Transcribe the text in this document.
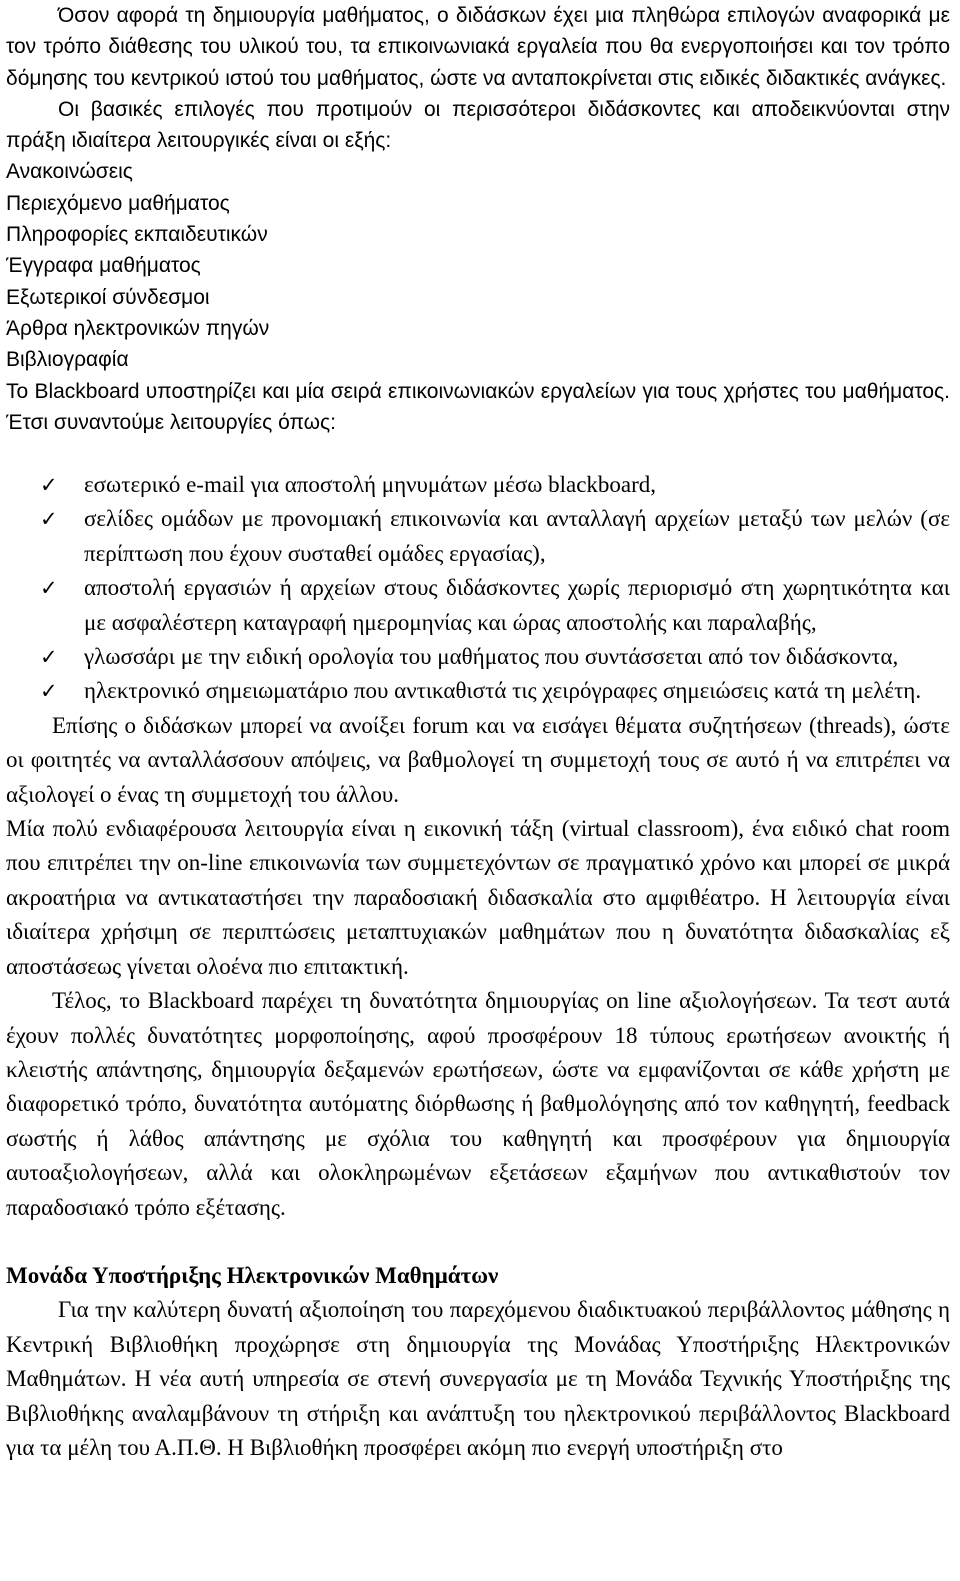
Όσον αφορά τη δημιουργία μαθήματος, ο διδάσκων έχει μια πληθώρα επιλογών αναφορικά με τον τρόπο διάθεσης του υλικού του, τα επικοινωνιακά εργαλεία που θα ενεργοποιήσει και τον τρόπο δόμησης του κεντρικού ιστού του μαθήματος, ώστε να ανταποκρίνεται στις ειδικές διδακτικές ανάγκες.

Οι βασικές επιλογές που προτιμούν οι περισσότεροι διδάσκοντες και αποδεικνύονται στην πράξη ιδιαίτερα λειτουργικές είναι οι εξής:

Ανακοινώσεις
Περιεχόμενο μαθήματος
Πληροφορίες εκπαιδευτικών
Έγγραφα μαθήματος
Εξωτερικοί σύνδεσμοι
Άρθρα ηλεκτρονικών πηγών
Βιβλιογραφία

Το Blackboard υποστηρίζει και μία σειρά επικοινωνιακών εργαλείων για τους χρήστες του μαθήματος. Έτσι συναντούμε λειτουργίες όπως:

✓ εσωτερικό e-mail για αποστολή μηνυμάτων μέσω blackboard,
✓ σελίδες ομάδων με προνομιακή επικοινωνία και ανταλλαγή αρχείων μεταξύ των μελών (σε περίπτωση που έχουν συσταθεί ομάδες εργασίας),
✓ αποστολή εργασιών ή αρχείων στους διδάσκοντες χωρίς περιορισμό στη χωρητικότητα και με ασφαλέστερη καταγραφή ημερομηνίας και ώρας αποστολής και παραλαβής,
✓ γλωσσάρι με την ειδική ορολογία του μαθήματος που συντάσσεται από τον διδάσκοντα,
✓ ηλεκτρονικό σημειωματάριο που αντικαθιστά τις χειρόγραφες σημειώσεις κατά τη μελέτη.

Επίσης ο διδάσκων μπορεί να ανοίξει forum και να εισάγει θέματα συζητήσεων (threads), ώστε οι φοιτητές να ανταλλάσσουν απόψεις, να βαθμολογεί τη συμμετοχή τους σε αυτό ή να επιτρέπει να αξιολογεί ο ένας τη συμμετοχή του άλλου.

Μία πολύ ενδιαφέρουσα λειτουργία είναι η εικονική τάξη (virtual classroom), ένα ειδικό chat room που επιτρέπει την on-line επικοινωνία των συμμετεχόντων σε πραγματικό χρόνο και μπορεί σε μικρά ακροατήρια να αντικαταστήσει την παραδοσιακή διδασκαλία στο αμφιθέατρο. Η λειτουργία είναι ιδιαίτερα χρήσιμη σε περιπτώσεις μεταπτυχιακών μαθημάτων που η δυνατότητα διδασκαλίας εξ αποστάσεως γίνεται ολοένα πιο επιτακτική.

Τέλος, το Blackboard παρέχει τη δυνατότητα δημιουργίας on line αξιολογήσεων. Τα τεστ αυτά έχουν πολλές δυνατότητες μορφοποίησης, αφού προσφέρουν 18 τύπους ερωτήσεων ανοικτής ή κλειστής απάντησης, δημιουργία δεξαμενών ερωτήσεων, ώστε να εμφανίζονται σε κάθε χρήστη με διαφορετικό τρόπο, δυνατότητα αυτόματης διόρθωσης ή βαθμολόγησης από τον καθηγητή, feedback σωστής ή λάθος απάντησης με σχόλια του καθηγητή και προσφέρουν για δημιουργία αυτοαξιολογήσεων, αλλά και ολοκληρωμένων εξετάσεων εξαμήνων που αντικαθιστούν τον παραδοσιακό τρόπο εξέτασης.

Μονάδα Υποστήριξης Ηλεκτρονικών Μαθημάτων

Για την καλύτερη δυνατή αξιοποίηση του παρεχόμενου διαδικτυακού περιβάλλοντος μάθησης η Κεντρική Βιβλιοθήκη προχώρησε στη δημιουργία της Μονάδας Υποστήριξης Ηλεκτρονικών Μαθημάτων. Η νέα αυτή υπηρεσία σε στενή συνεργασία με τη Μονάδα Τεχνικής Υποστήριξης της Βιβλιοθήκης αναλαμβάνουν τη στήριξη και ανάπτυξη του ηλεκτρονικού περιβάλλοντος Blackboard για τα μέλη του Α.Π.Θ. Η Βιβλιοθήκη προσφέρει ακόμη πιο ενεργή υποστήριξη στο
